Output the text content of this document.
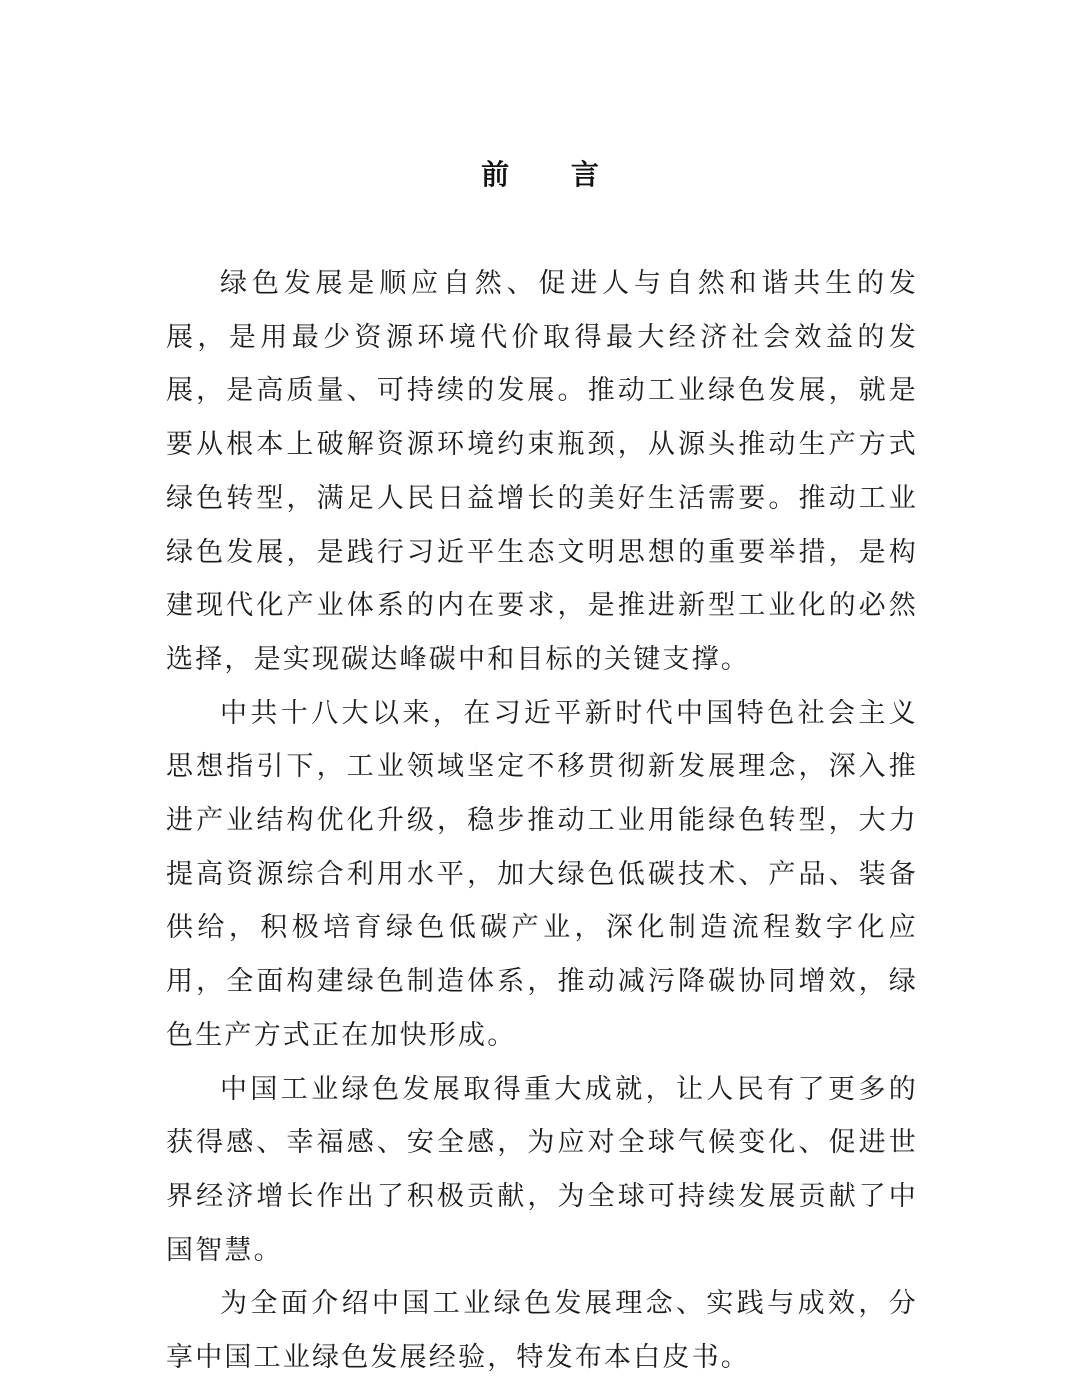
前 言

绿色发展是顺应自然、促进人与自然和谐共生的发展，是用最少资源环境代价取得最大经济社会效益的发展，是高质量、可持续的发展。推动工业绿色发展，就是要从根本上破解资源环境约束瓶颈，从源头推动生产方式绿色转型，满足人民日益增长的美好生活需要。推动工业绿色发展，是践行习近平生态文明思想的重要举措，是构建现代化产业体系的内在要求，是推进新型工业化的必然选择，是实现碳达峰碳中和目标的关键支撑。

中共十八大以来，在习近平新时代中国特色社会主义思想指引下，工业领域坚定不移贯彻新发展理念，深入推进产业结构优化升级，稳步推动工业用能绿色转型，大力提高资源综合利用水平，加大绿色低碳技术、产品、装备供给，积极培育绿色低碳产业，深化制造流程数字化应用，全面构建绿色制造体系，推动减污降碳协同增效，绿色生产方式正在加快形成。

中国工业绿色发展取得重大成就，让人民有了更多的获得感、幸福感、安全感，为应对全球气候变化、促进世界经济增长作出了积极贡献，为全球可持续发展贡献了中国智慧。

为全面介绍中国工业绿色发展理念、实践与成效，分享中国工业绿色发展经验，特发布本白皮书。
